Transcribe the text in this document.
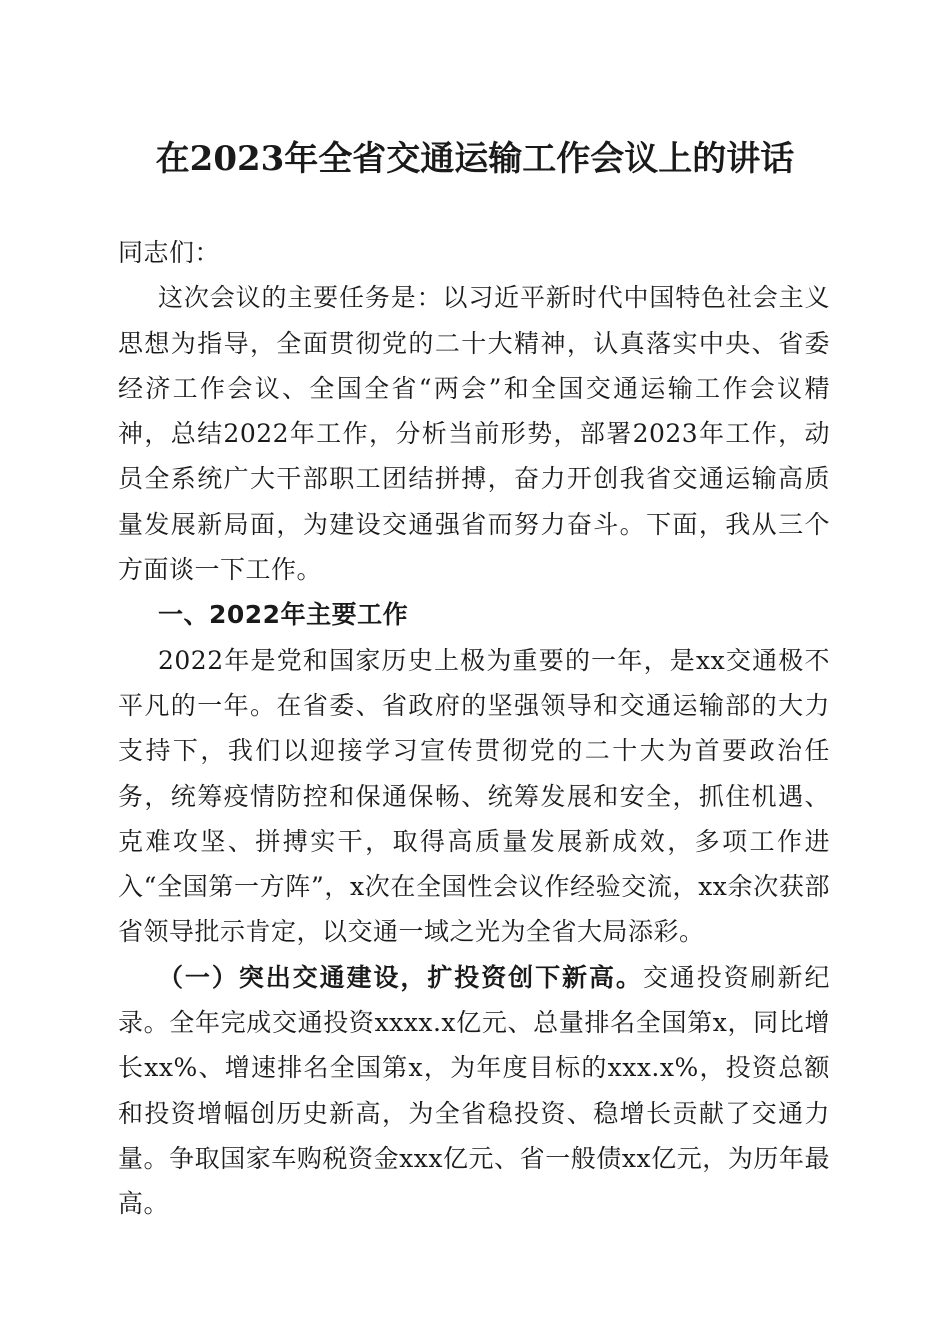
在2023年全省交通运输工作会议上的讲话

同志们：

这次会议的主要任务是：以习近平新时代中国特色社会主义思想为指导，全面贯彻党的二十大精神，认真落实中央、省委经济工作会议、全国全省“两会”和全国交通运输工作会议精神，总结2022年工作，分析当前形势，部署2023年工作，动员全系统广大干部职工团结拼搏，奋力开创我省交通运输高质量发展新局面，为建设交通强省而努力奋斗。下面，我从三个方面谈一下工作。

一、2022年主要工作

2022年是党和国家历史上极为重要的一年，是xx交通极不平凡的一年。在省委、省政府的坚强领导和交通运输部的大力支持下，我们以迎接学习宣传贯彻党的二十大为首要政治任务，统筹疫情防控和保通保畅、统筹发展和安全，抓住机遇、克难攻坚、拼搏实干，取得高质量发展新成效，多项工作进入“全国第一方阵”，x次在全国性会议作经验交流，xx余次获部省领导批示肯定，以交通一域之光为全省大局添彩。

（一）突出交通建设，扩投资创下新高。交通投资刷新纪录。全年完成交通投资xxxx.x亿元、总量排名全国第x，同比增长xx%、增速排名全国第x，为年度目标的xxx.x%，投资总额和投资增幅创历史新高，为全省稳投资、稳增长贡献了交通力量。争取国家车购税资金xxx亿元、省一般债xx亿元，为历年最高。
